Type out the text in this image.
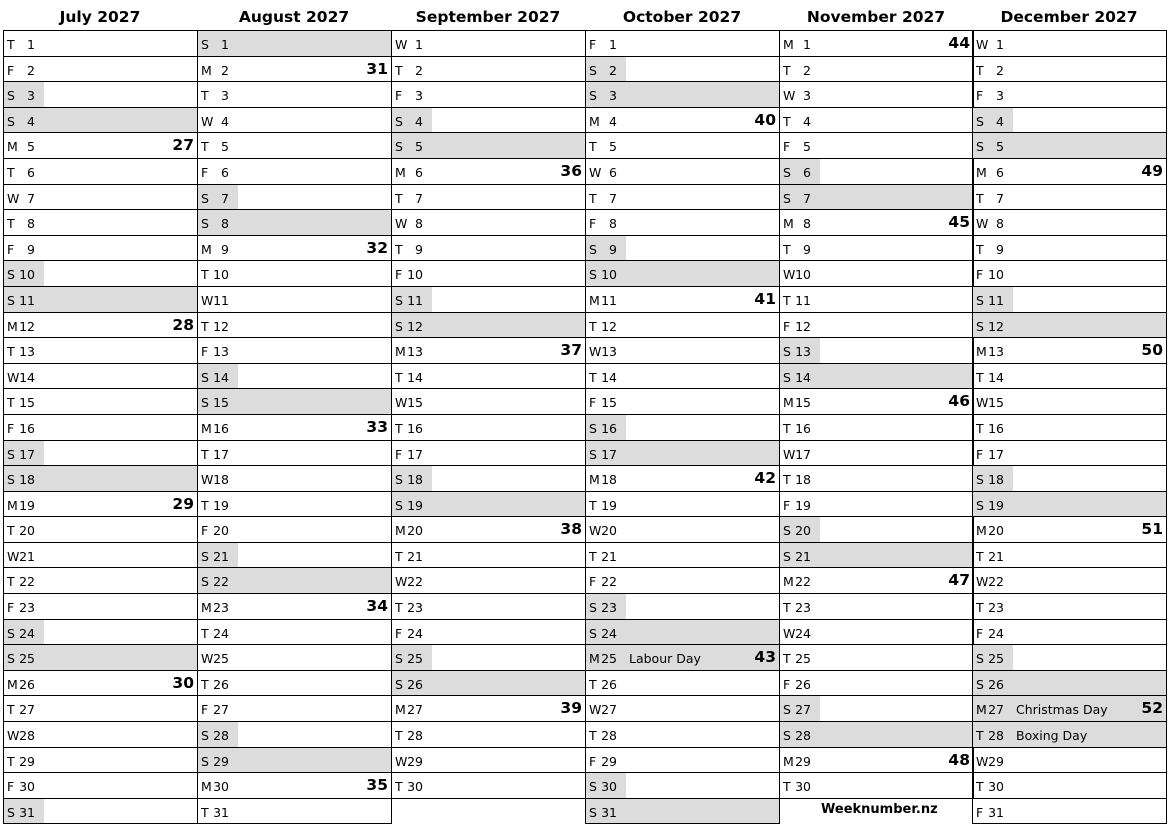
July 2027
T 1
F	2
S 3
S 4
M 5	27
T 6
W 7
T 8
F	9
S 10
S 11
M 12	28
T 13
W 14
T 15
F 16
S 17
S 18
M 19	29
T 20
W 21
T 22
F 23
S 24
S 25
M 26	30
T 27
W 28
T 29
F 30
S 31
August 2027
S 1
M 2	31
T 3
W 4
T 5
F	6
S 7
S 8
M 9	32
T 10
W 11
T 12
F 13
S 14
S 15
M 16	33
T 17
W 18
T 19
F 20
S 21
S 22
M 23	34
T 24
W 25
T 26
F 27
S 28
S 29
M 30	35
T 31
September 2027
W 1
T 2
F	3
S 4
S 5
M 6	36
T 7
W 8
T 9
F 10
S 11
S 12
M 13	37
T 14
W 15
T 16
F 17
S 18
S 19
M 20	38
T 21
W 22
T 23
F 24
S 25
S 26
M 27	39
T 28
W 29
T 30
October 2027
F	1
S 2
S 3
M 4	40
T 5
W 6
T 7
F	8
S 9
S 10
M 11	41
T 12
W 13
T 14
F 15
S 16
S 17
M 18	42
T 19
W 20
T 21
F 22
S 23
S 24
M 25 Labour Day	43
T 26
W 27
T 28
F 29
S 30
S 31
November 2027
M 1	44
T 2
W 3
T 4
F	5
S 6
S 7
M 8	45
T 9
W 10
T 11
F 12
S 13
S 14
M 15	46
T 16
W 17
T 18
F 19
S 20
S 21
M 22	47
T 23
W 24
T 25
F 26
S 27
S 28
M 29	48
T 30
December 2027
W 1
T 2
F	3
S 4
S 5
M 6	49
T 7
W 8
T 9
F 10
S 11
S 12
M 13	50
T 14
W 15
T 16
F 17
S 18
S 19
M 20	51
T 21
W 22
T 23
F 24
S 25
S 26
M 27 Christmas Day 52
T 28 Boxing Day
W 29
T 30
F 31
Weeknumber.nz
